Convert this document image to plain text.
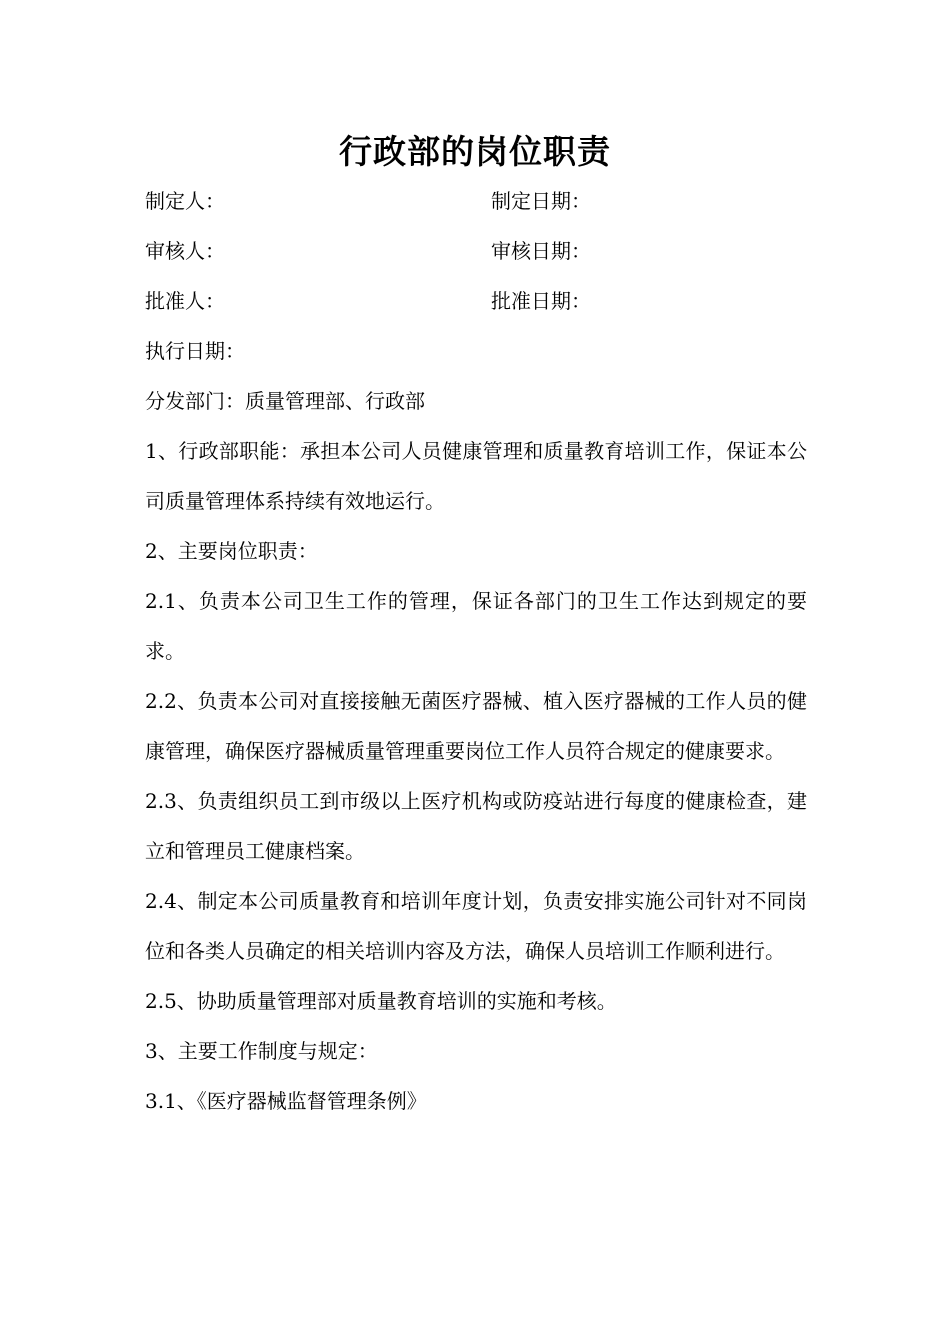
行政部的岗位职责
制定人：	制定日期：
审核人：	审核日期：
批准人：	批准日期：
执行日期：
分发部门：质量管理部、行政部

1、行政部职能：承担本公司人员健康管理和质量教育培训工作，保证本公司质量管理体系持续有效地运行。

2、主要岗位职责：

2.1、负责本公司卫生工作的管理，保证各部门的卫生工作达到规定的要求。

2.2、负责本公司对直接接触无菌医疗器械、植入医疗器械的工作人员的健康管理，确保医疗器械质量管理重要岗位工作人员符合规定的健康要求。

2.3、负责组织员工到市级以上医疗机构或防疫站进行每度的健康检查，建立和管理员工健康档案。

2.4、制定本公司质量教育和培训年度计划，负责安排实施公司针对不同岗位和各类人员确定的相关培训内容及方法，确保人员培训工作顺利进行。

2.5、协助质量管理部对质量教育培训的实施和考核。

3、主要工作制度与规定：

3.1、《医疗器械监督管理条例》
